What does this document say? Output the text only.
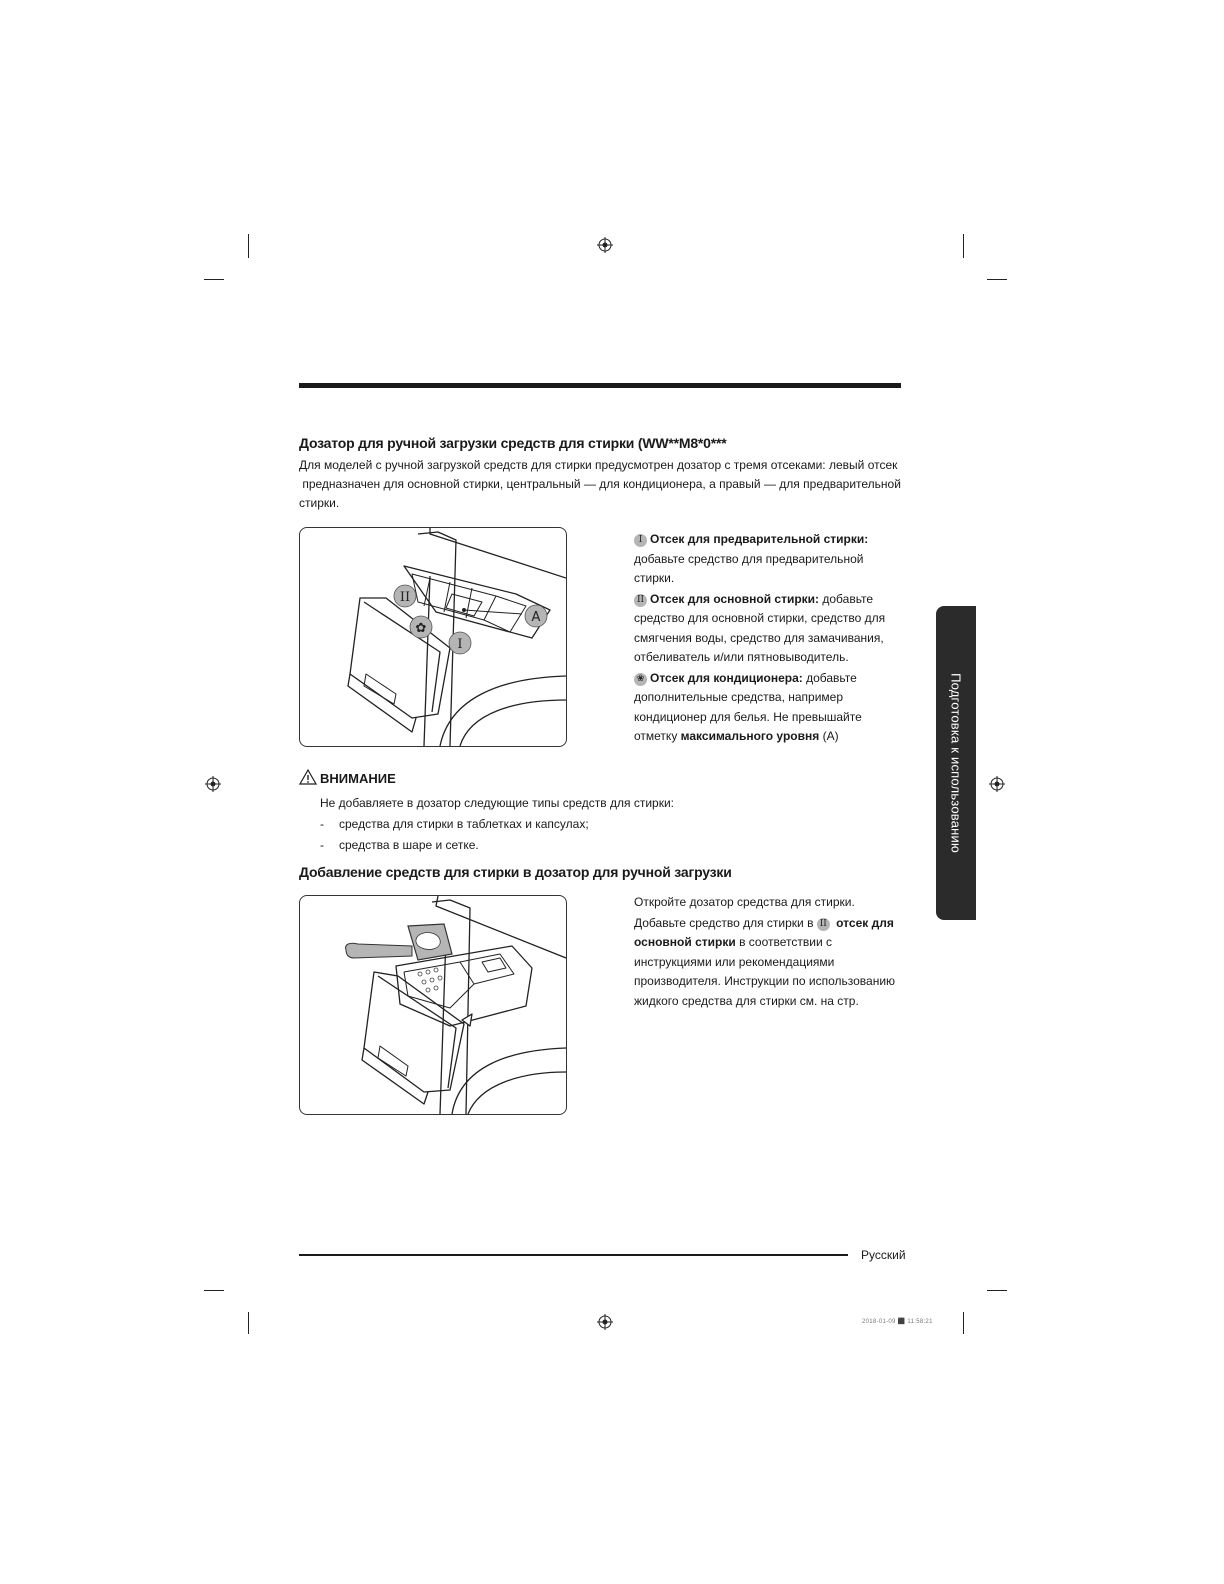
Дозатор для ручной загрузки средств для стирки (WW**M8*0***
Для моделей с ручной загрузкой средств для стирки предусмотрен дозатор с тремя отсеками: левый отсек
предназначен для основной стирки, центральный — для кондиционера, а правый — для предварительной
стирки.
II
✿
I
A

I Отсек для предварительной стирки: добавьте средство для предварительной стирки.

II Отсек для основной стирки: добавьте средство для основной стирки, средство для смягчения воды, средство для замачивания, отбеливатель и/или пятновыводитель.

❀ Отсек для кондиционера: добавьте дополнительные средства, например кондиционер для белья. Не превышайте отметку максимального уровня (A)

ВНИМАНИЕ
Не добавляете в дозатор следующие типы средств для стирки:
- средства для стирки в таблетках и капсулах;
- средства в шаре и сетке.
Добавление средств для стирки в дозатор для ручной загрузки

Откройте дозатор средства для стирки.

Добавьте средство для стирки в II отсек для основной стирки в соответствии с инструкциями или рекомендациями производителя. Инструкции по использованию жидкого средства для стирки см. на стр.

Подготовка к использованию
Русский
2018-01-09 ⬛ 11:58:21
